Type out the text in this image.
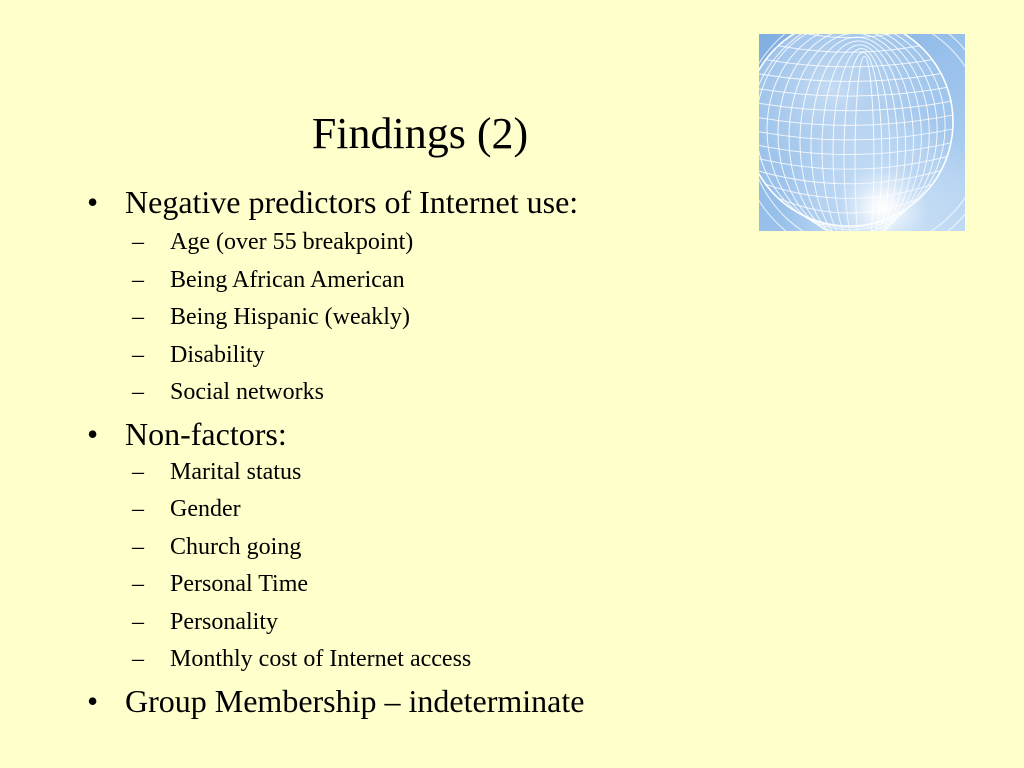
Findings (2)
• Negative predictors of Internet use:
–	Age (over 55 breakpoint)
–	Being African American
–	Being Hispanic (weakly)
–	Disability
–	Social networks
• Non-factors:
–	Marital status
–	Gender
–	Church going
–	Personal Time
–	Personality
–	Monthly cost of Internet access
• Group Membership – indeterminate
